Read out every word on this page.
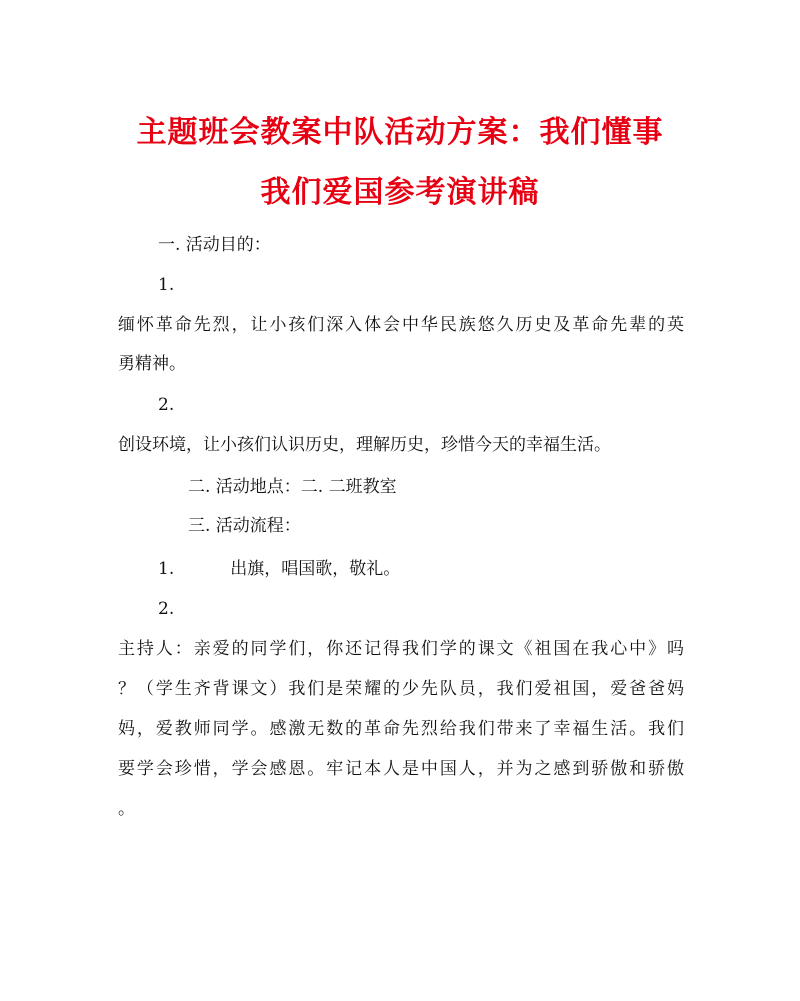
主题班会教案中队活动方案：我们懂事
我们爱国参考演讲稿

一. 活动目的：

1.

缅怀革命先烈，让小孩们深入体会中华民族悠久历史及革命先辈的英

勇精神。

2.

创设环境，让小孩们认识历史，理解历史，珍惜今天的幸福生活。

二. 活动地点：二. 二班教室

三. 活动流程：

1.	出旗，唱国歌，敬礼。

2.

主持人：亲爱的同学们，你还记得我们学的课文《祖国在我心中》吗

？（学生齐背课文）我们是荣耀的少先队员，我们爱祖国，爱爸爸妈

妈，爱教师同学。感激无数的革命先烈给我们带来了幸福生活。我们

要学会珍惜，学会感恩。牢记本人是中国人，并为之感到骄傲和骄傲

。
